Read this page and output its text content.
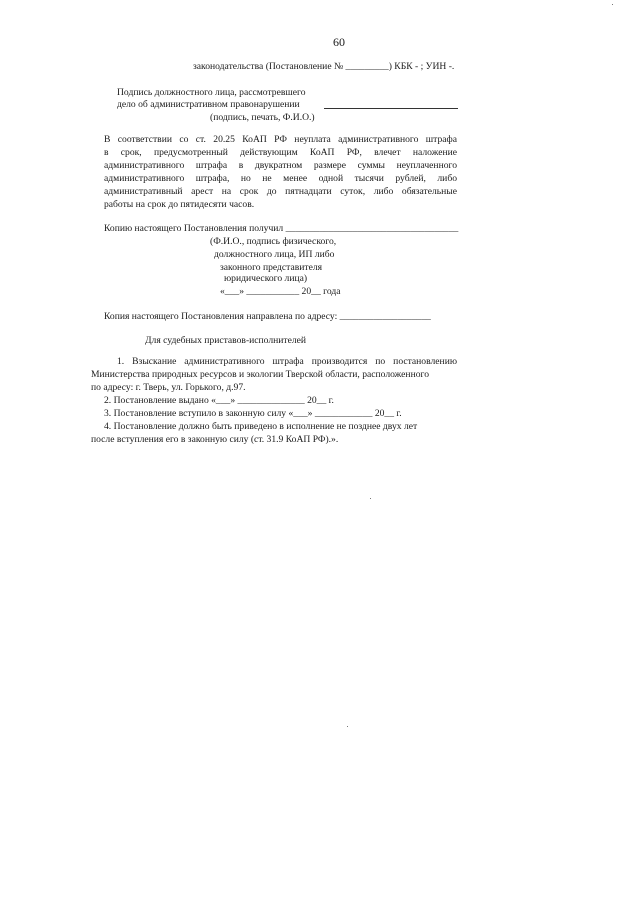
60
законодательства (Постановление № _________) КБК - ; УИН -.
Подпись должностного лица, рассмотревшего
дело об административном правонарушении
(подпись, печать, Ф.И.О.)
В соответствии со ст. 20.25 КоАП РФ неуплата административного штрафа
в срок, предусмотренный действующим КоАП РФ, влечет наложение
административного штрафа в двукратном размере суммы неуплаченного
административного штрафа, но не менее одной тысячи рублей, либо
административный арест на срок до пятнадцати суток, либо обязательные
работы на срок до пятидесяти часов.
Копию настоящего Постановления получил ____________________________________
(Ф.И.О., подпись физического,
должностного лица, ИП либо
законного представителя
юридического лица)
«___» ___________ 20__ года
Копия настоящего Постановления направлена по адресу: ___________________
Для судебных приставов-исполнителей
1. Взыскание административного штрафа производится по постановлению
Министерства природных ресурсов и экологии Тверской области, расположенного
по адресу: г. Тверь, ул. Горького, д.97.
2. Постановление выдано «___» ______________ 20__ г.
3. Постановление вступило в законную силу «___» ____________ 20__ г.
4. Постановление должно быть приведено в исполнение не позднее двух лет
после вступления его в законную силу (ст. 31.9 КоАП РФ).».
